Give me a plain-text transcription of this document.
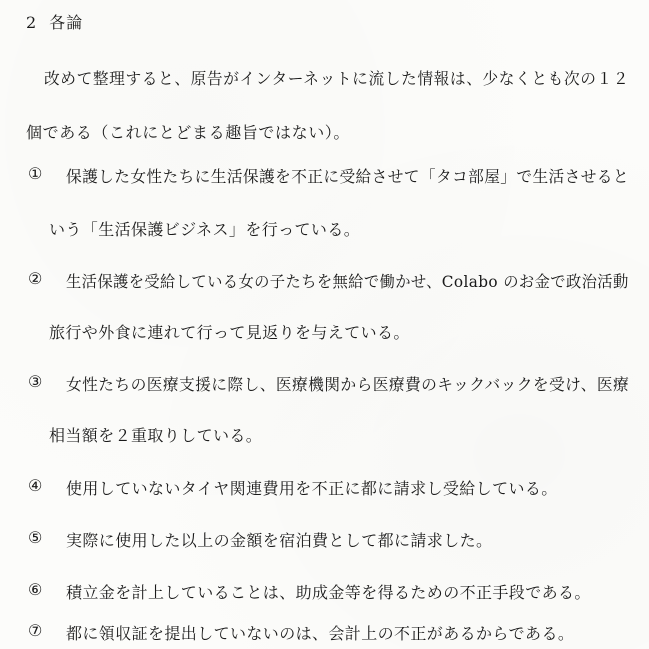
2 各論
改めて整理すると、原告がインターネットに流した情報は、少なくとも次の１２
個である（これにとどまる趣旨ではない）。
① 保護した女性たちに生活保護を不正に受給させて「タコ部屋」で生活させると
いう「生活保護ビジネス」を行っている。
② 生活保護を受給している女の子たちを無給で働かせ、Colabo のお金で政治活動
旅行や外食に連れて行って見返りを与えている。
③ 女性たちの医療支援に際し、医療機関から医療費のキックバックを受け、医療
相当額を２重取りしている。
④ 使用していないタイヤ関連費用を不正に都に請求し受給している。
⑤ 実際に使用した以上の金額を宿泊費として都に請求した。
⑥ 積立金を計上していることは、助成金等を得るための不正手段である。
⑦ 都に領収証を提出していないのは、会計上の不正があるからである。
